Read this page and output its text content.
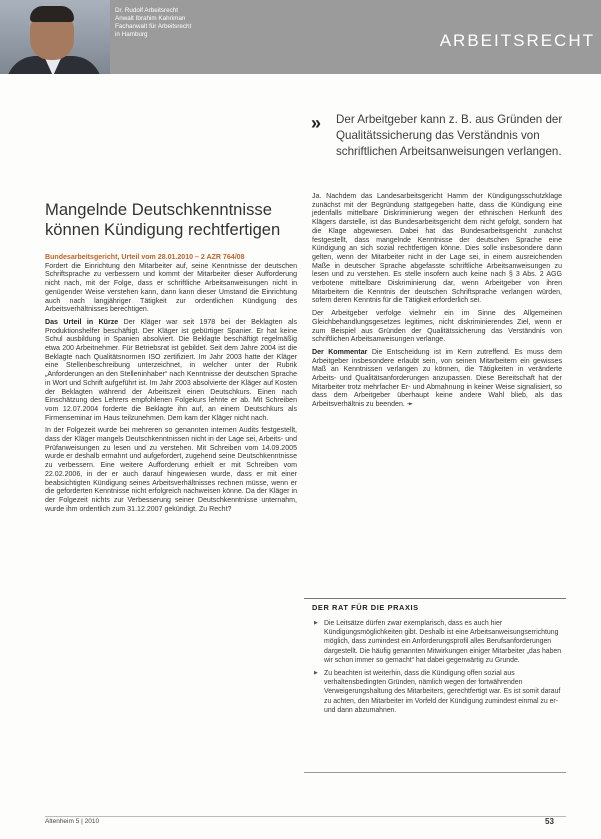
Dr. Rudolf Arbeitsrecht
Anwalt Ibrahim Kahriman
Fachanwalt für Arbeitsrecht
in Hamburg	ARBEITSRECHT
» Der Arbeitgeber kann z. B. aus Gründen der Qualitätssicherung das Verständnis von schriftlichen Arbeitsanweisungen verlangen.
Mangelnde Deutschkenntnisse können Kündigung rechtfertigen

Bundesarbeitsgericht, Urteil vom 28.01.2010 – 2 AZR 764/08
Fordert die Einrichtung den Mitarbeiter auf, seine Kenntnisse der deutschen Schriftsprache zu verbessern und kommt der Mitarbeiter dieser Aufforderung nicht nach, mit der Folge, dass er schriftliche Arbeitsanweisungen nicht in genügender Weise verstehen kann, dann kann dieser Umstand die Einrichtung auch nach langjähriger Tätigkeit zur ordentlichen Kündigung des Arbeitsverhältnisses berechtigen.

Das Urteil in Kürze Der Kläger war seit 1978 bei der Beklagten als Produktionshelfer beschäftigt. Der Kläger ist gebürtiger Spanier. Er hat keine Schul ausbildung in Spanien absolviert. Die Beklagte beschäftigt regelmäßig etwa 200 Arbeitnehmer. Für Betriebsrat ist gebildet. Seit dem Jahre 2004 ist die Beklagte nach Qualitätsnormen ISO zertifiziert. Im Jahr 2003 hatte der Kläger eine Stellenbeschreibung unterzeichnet, in welcher unter der Rubrik „Anforderungen an den Stelleninhaber“ nach Kenntnisse der deutschen Sprache in Wort und Schrift aufgeführt ist. Im Jahr 2003 absolvierte der Kläger auf Kosten der Beklagten während der Arbeitszeit einen Deutschkurs. Einen nach Einschätzung des Lehrers empfohlenen Folgekurs lehnte er ab. Mit Schreiben vom 12.07.2004 forderte die Beklagte ihn auf, an einem Deutschkurs als Firmenseminar im Haus teilzunehmen. Dem kam der Kläger nicht nach.

In der Folgezeit wurde bei mehreren so genannten internen Audits festgestellt, dass der Kläger mangels Deutschkenntnissen nicht in der Lage sei, Arbeits- und Prüfanweisungen zu lesen und zu verstehen. Mit Schreiben vom 14.09.2005 wurde er deshalb ermahnt und aufgefordert, zugehend seine Deutschkenntnisse zu verbessern. Eine weitere Aufforderung erhielt er mit Schreiben vom 22.02.2006, in der er auch darauf hingewiesen wurde, dass er mit einer beabsichtigten Kündigung seines Arbeitsverhältnisses rechnen müsse, wenn er die geforderten Kenntnisse nicht erfolgreich nachweisen könne. Da der Kläger in der Folgezeit nichts zur Verbesserung seiner Deutschkenntnisse unternahm, wurde ihm ordentlich zum 31.12.2007 gekündigt. Zu Recht?

Ja. Nachdem das Landesarbeitsgericht Hamm der Kündigungsschutzklage zunächst mit der Begründung stattgegeben hatte, dass die Kündigung eine jedenfalls mittelbare Diskriminierung wegen der ethnischen Herkunft des Klägers darstelle, ist das Bundesarbeitsgericht dem nicht gefolgt, sondern hat die Klage abgewiesen. Dabei hat das Bundesarbeitsgericht zunächst festgestellt, dass mangelnde Kenntnisse der deutschen Sprache eine Kündigung an sich sozial rechtfertigen könne. Dies solle insbesondere dann gelten, wenn der Mitarbeiter nicht in der Lage sei, in einem ausreichenden Maße in deutscher Sprache abgefasste schriftliche Arbeitsanweisungen zu lesen und zu verstehen. Es stelle insofern auch keine nach § 3 Abs. 2 AGG verbotene mittelbare Diskriminierung dar, wenn Arbeitgeber von ihren Mitarbeitern die Kenntnis der deutschen Schriftsprache verlangen würden, sofern deren Kenntnis für die Tätigkeit erforderlich sei.

Der Arbeitgeber verfolge vielmehr ein im Sinne des Allgemeinen Gleichbehandlungsgesetzes legitimes, nicht diskriminierendes Ziel, wenn er zum Beispiel aus Gründen der Qualitätssicherung das Verständnis von schriftlichen Arbeitsanweisungen verlange.

Der Kommentar Die Entscheidung ist im Kern zutreffend. Es muss dem Arbeitgeber insbesondere erlaubt sein, von seinen Mitarbeitern ein gewisses Maß an Kenntnissen verlangen zu können, die Tätigkeiten in veränderte Arbeits- und Qualitätsanforderungen anzupassen. Diese Bereitschaft hat der Mitarbeiter trotz mehrfacher Er- und Abmahnung in keiner Weise signalisiert, so dass dem Arbeitgeber überhaupt keine andere Wahl blieb, als das Arbeitsverhältnis zu beenden. ➛

DER RAT FÜR DIE PRAXIS
▶ Die Leitsätze dürfen zwar exemplarisch, dass es auch hier Kündigungsmöglichkeiten gibt. Deshalb ist eine Arbeitsanweisungserrichtung möglich, dass zumindest ein Anforderungsprofil alles Berufsanforderungen dargestellt. Die häufig genannten Mitwirkungen einiger Mitarbeiter „das haben wir schon immer so gemacht“ hat dabei gegenwärtig zu Grunde.
▶ Zu beachten ist weiterhin, dass die Kündigung offen sozial aus verhaltensbedingten Gründen, nämlich wegen der fortwährenden Verweigerungshaltung des Mitarbeiters, gerechtfertigt war. Es ist somit darauf zu achten, den Mitarbeiter im Vorfeld der Kündigung zumindest einmal zu er- und dann abzumahnen.
Altenheim 5 | 2010	53
